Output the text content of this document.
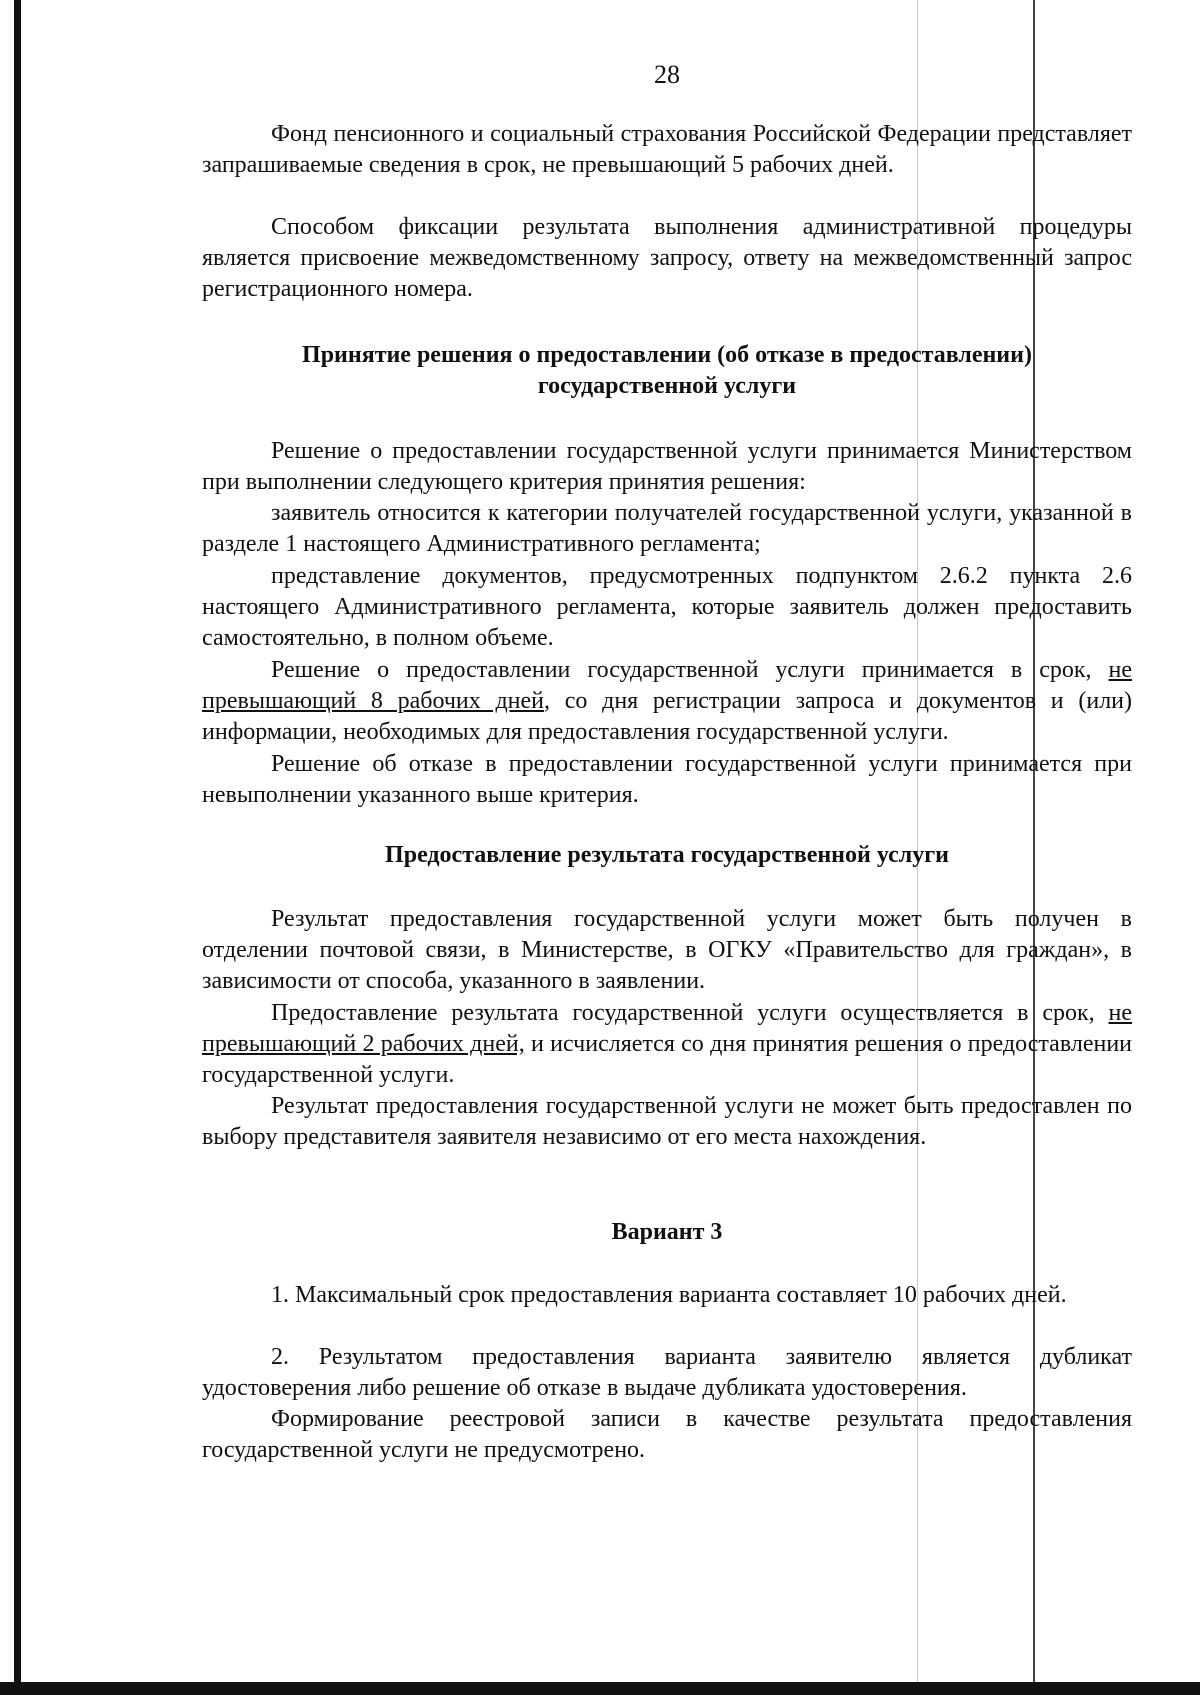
28

Фонд пенсионного и социальный страхования Российской Федерации представляет запрашиваемые сведения в срок, не превышающий 5 рабочих дней.

Способом фиксации результата выполнения административной процедуры является присвоение межведомственному запросу, ответу на межведомственный запрос регистрационного номера.

Принятие решения о предоставлении (об отказе в предоставлении)
государственной услуги

Решение о предоставлении государственной услуги принимается Министерством при выполнении следующего критерия принятия решения:

заявитель относится к категории получателей государственной услуги, указанной в разделе 1 настоящего Административного регламента;

представление документов, предусмотренных подпунктом 2.6.2 пункта 2.6 настоящего Административного регламента, которые заявитель должен предоставить самостоятельно, в полном объеме.

Решение о предоставлении государственной услуги принимается в срок, не превышающий 8 рабочих дней, со дня регистрации запроса и документов и (или) информации, необходимых для предоставления государственной услуги.

Решение об отказе в предоставлении государственной услуги принимается при невыполнении указанного выше критерия.

Предоставление результата государственной услуги

Результат предоставления государственной услуги может быть получен в отделении почтовой связи, в Министерстве, в ОГКУ «Правительство для граждан», в зависимости от способа, указанного в заявлении.

Предоставление результата государственной услуги осуществляется в срок, не превышающий 2 рабочих дней, и исчисляется со дня принятия решения о предоставлении государственной услуги.

Результат предоставления государственной услуги не может быть предоставлен по выбору представителя заявителя независимо от его места нахождения.

Вариант 3

1. Максимальный срок предоставления варианта составляет 10 рабочих дней.

2. Результатом предоставления варианта заявителю является дубликат удостоверения либо решение об отказе в выдаче дубликата удостоверения.

Формирование реестровой записи в качестве результата предоставления государственной услуги не предусмотрено.
